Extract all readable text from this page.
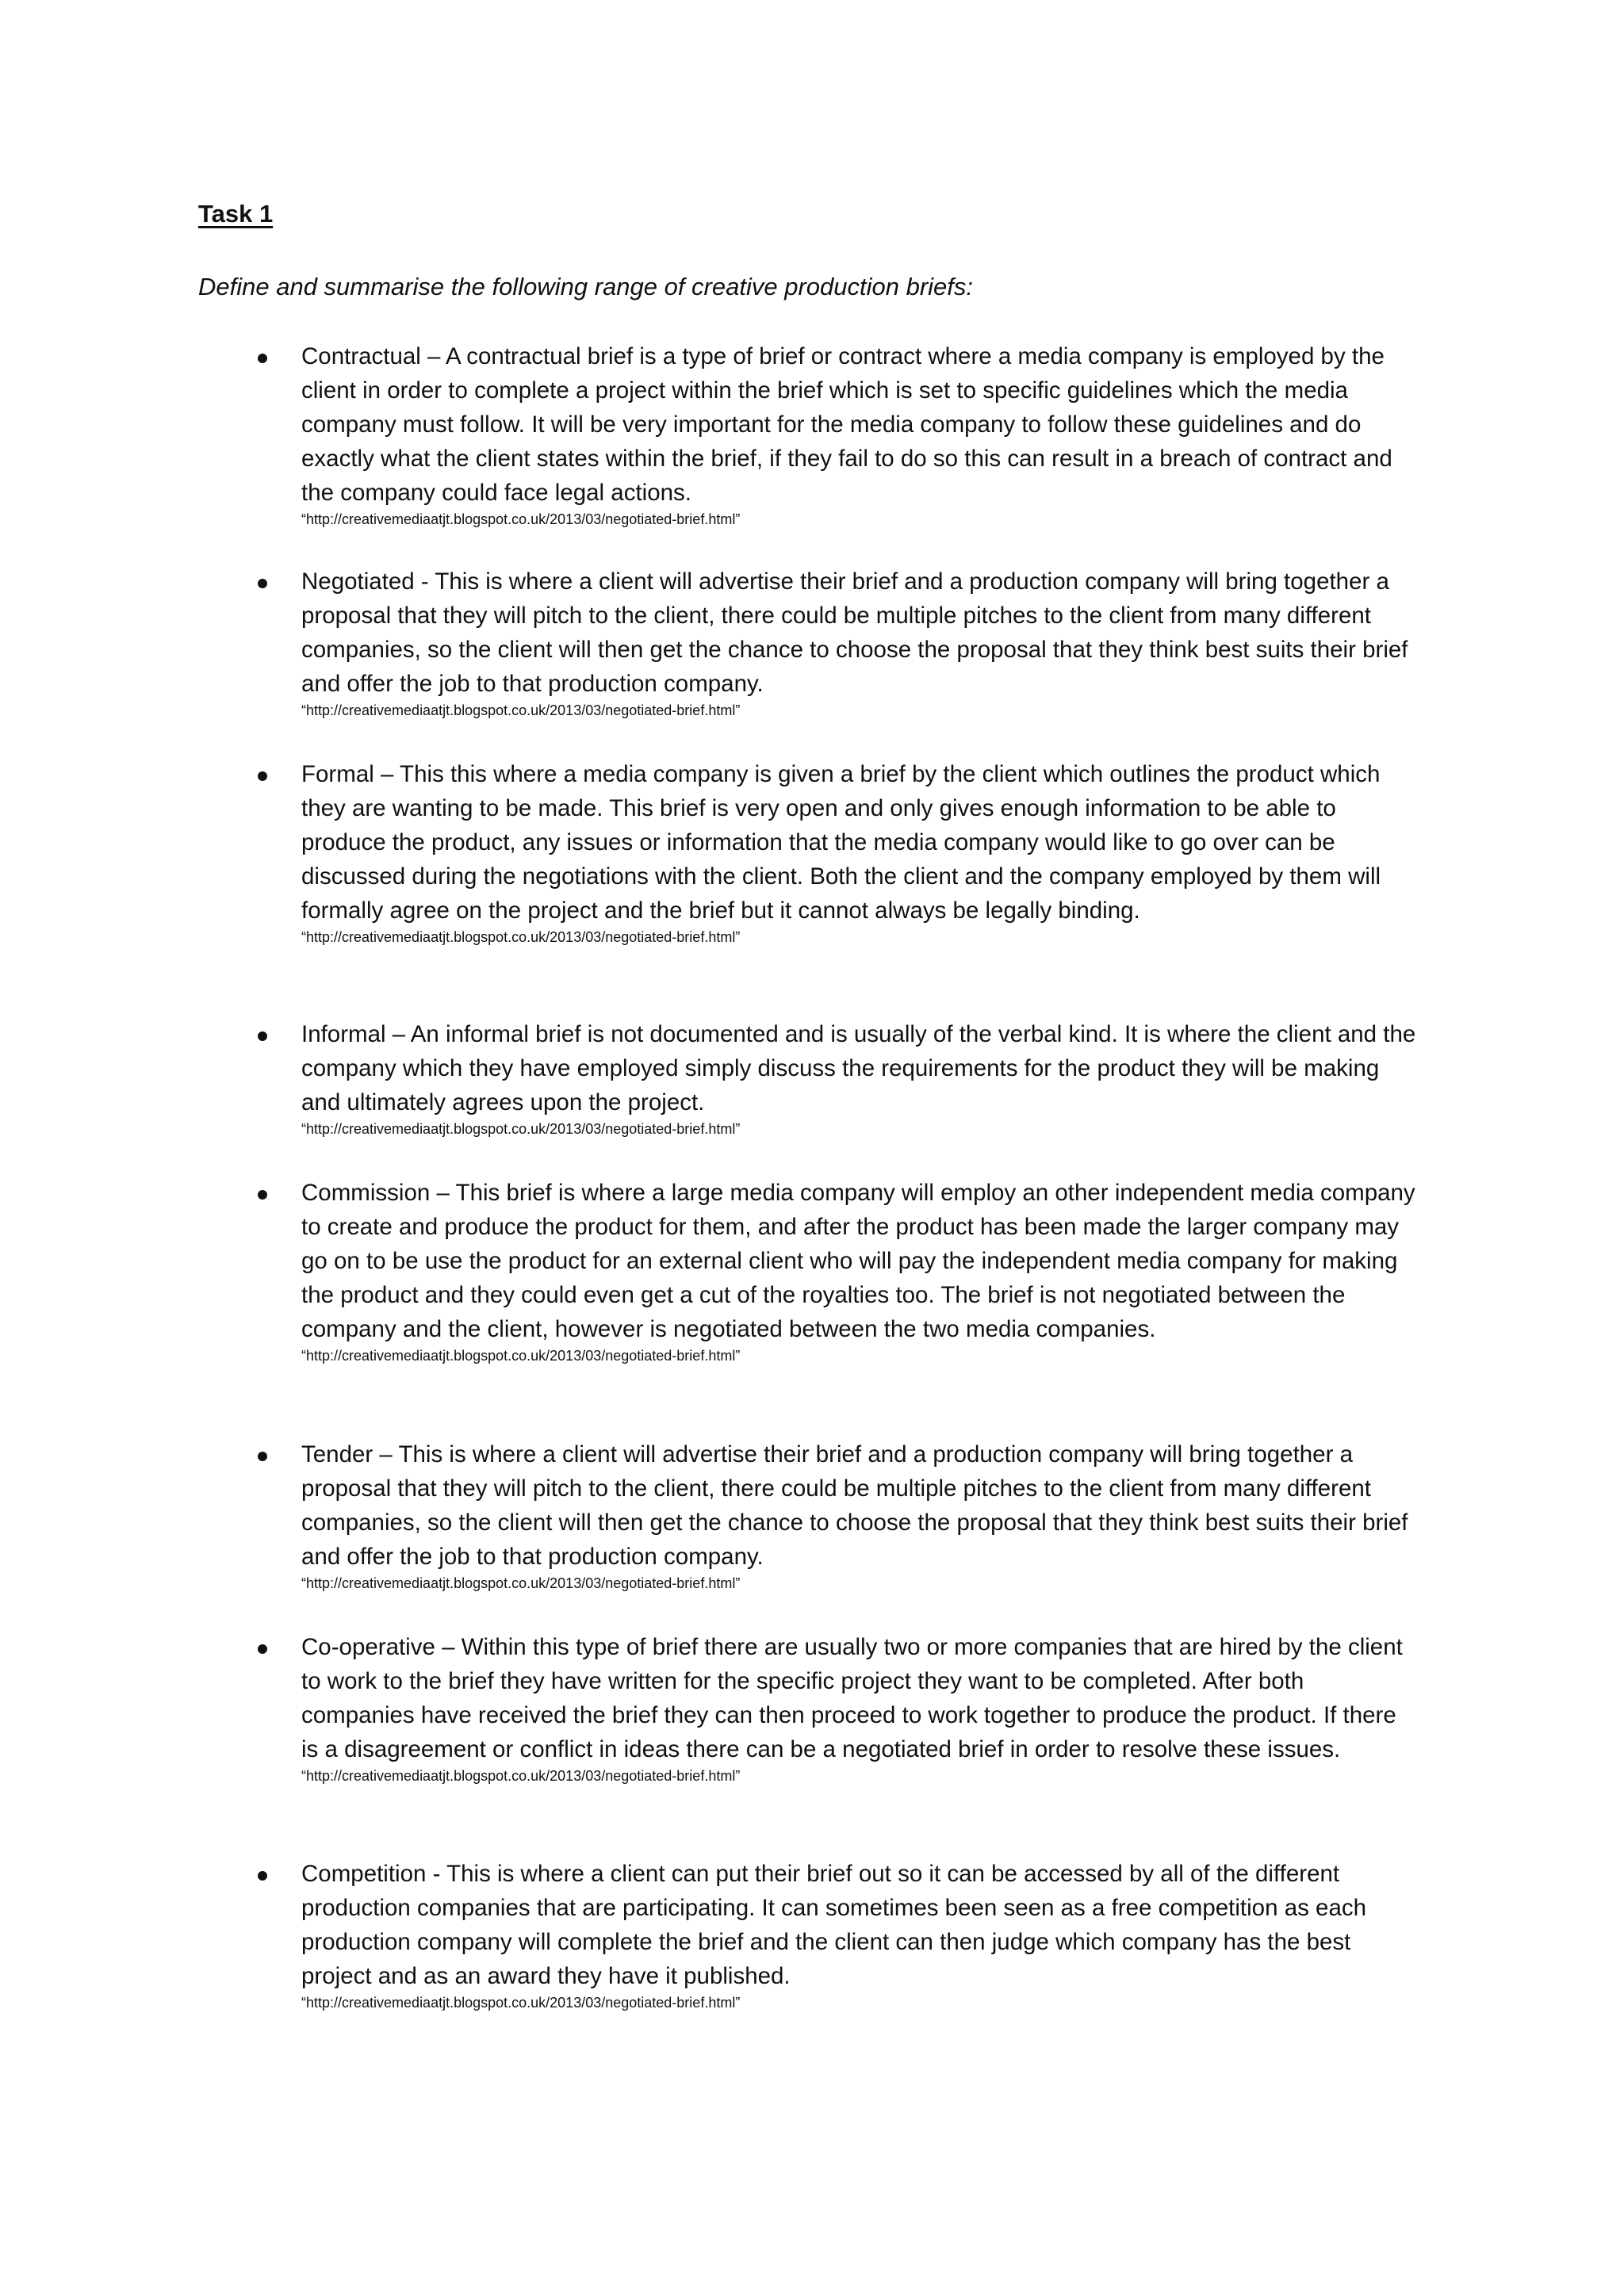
Task 1
Define and summarise the following range of creative production briefs:

Contractual – A contractual brief is a type of brief or contract where a media company is employed by the client in order to complete a project within the brief which is set to specific guidelines which the media company must follow. It will be very important for the media company to follow these guidelines and do exactly what the client states within the brief, if they fail to do so this can result in a breach of contract and the company could face legal actions.

“http://creativemediaatjt.blogspot.co.uk/2013/03/negotiated-brief.html”

Negotiated - This is where a client will advertise their brief and a production company will bring together a proposal that they will pitch to the client, there could be multiple pitches to the client from many different companies, so the client will then get the chance to choose the proposal that they think best suits their brief and offer the job to that production company.

“http://creativemediaatjt.blogspot.co.uk/2013/03/negotiated-brief.html”

Formal – This this where a media company is given a brief by the client which outlines the product which they are wanting to be made. This brief is very open and only gives enough information to be able to produce the product, any issues or information that the media company would like to go over can be discussed during the negotiations with the client. Both the client and the company employed by them will formally agree on the project and the brief but it cannot always be legally binding.

“http://creativemediaatjt.blogspot.co.uk/2013/03/negotiated-brief.html”

Informal – An informal brief is not documented and is usually of the verbal kind. It is where the client and the company which they have employed simply discuss the requirements for the product they will be making and ultimately agrees upon the project.

“http://creativemediaatjt.blogspot.co.uk/2013/03/negotiated-brief.html”

Commission – This brief is where a large media company will employ an other independent media company to create and produce the product for them, and after the product has been made the larger company may go on to be use the product for an external client who will pay the independent media company for making the product and they could even get a cut of the royalties too. The brief is not negotiated between the company and the client, however is negotiated between the two media companies.

“http://creativemediaatjt.blogspot.co.uk/2013/03/negotiated-brief.html”

Tender – This is where a client will advertise their brief and a production company will bring together a proposal that they will pitch to the client, there could be multiple pitches to the client from many different companies, so the client will then get the chance to choose the proposal that they think best suits their brief and offer the job to that production company.

“http://creativemediaatjt.blogspot.co.uk/2013/03/negotiated-brief.html”

Co-operative – Within this type of brief there are usually two or more companies that are hired by the client to work to the brief they have written for the specific project they want to be completed. After both companies have received the brief they can then proceed to work together to produce the product. If there is a disagreement or conflict in ideas there can be a negotiated brief in order to resolve these issues.

“http://creativemediaatjt.blogspot.co.uk/2013/03/negotiated-brief.html”

Competition - This is where a client can put their brief out so it can be accessed by all of the different production companies that are participating. It can sometimes been seen as a free competition as each production company will complete the brief and the client can then judge which company has the best project and as an award they have it published.

“http://creativemediaatjt.blogspot.co.uk/2013/03/negotiated-brief.html”
